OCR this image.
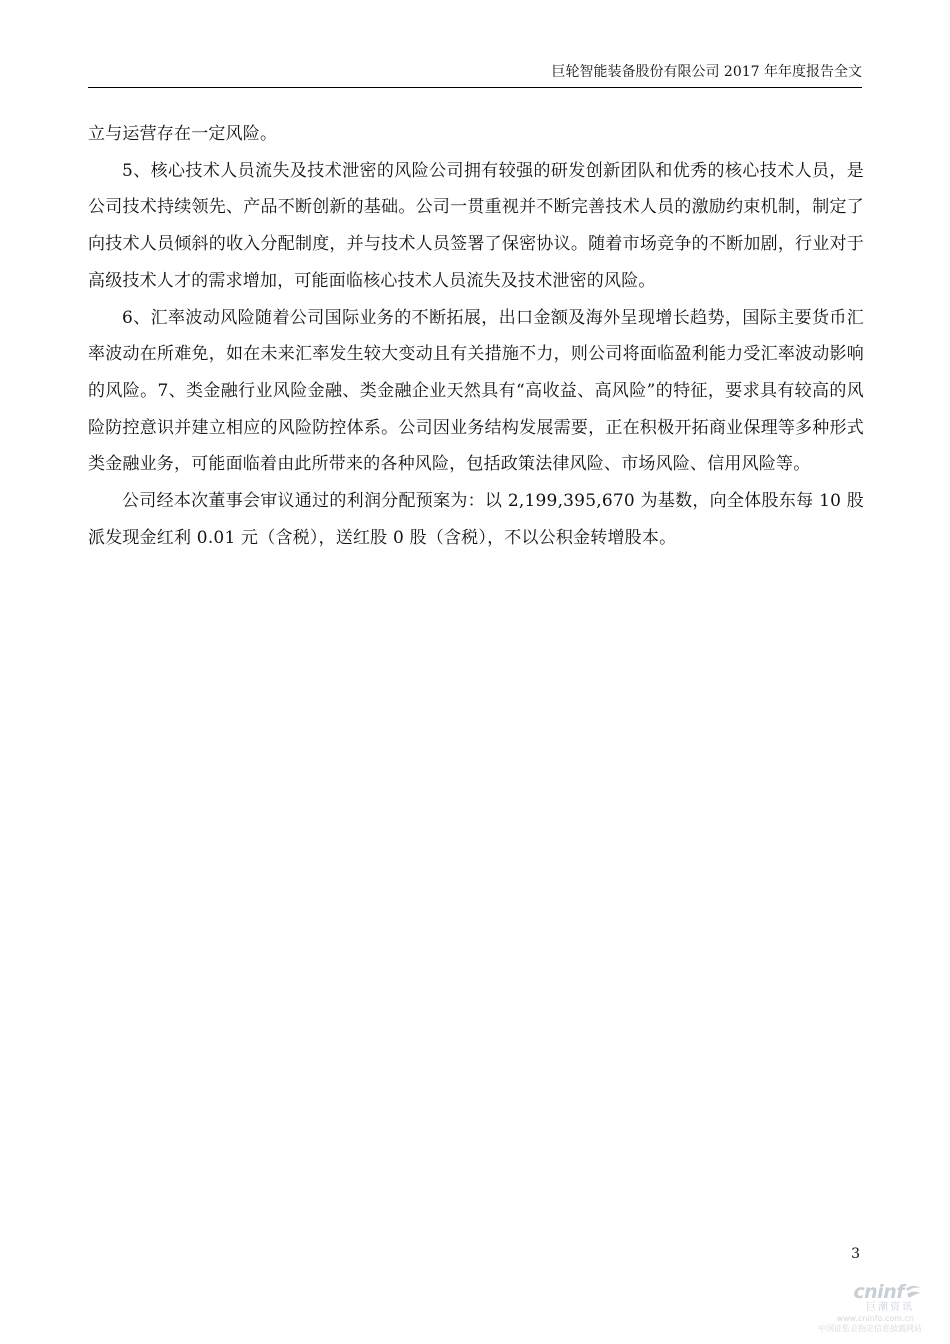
巨轮智能装备股份有限公司 2017 年年度报告全文

立与运营存在一定风险。

5、核心技术人员流失及技术泄密的风险公司拥有较强的研发创新团队和优秀的核心技术人员，是公司技术持续领先、产品不断创新的基础。公司一贯重视并不断完善技术人员的激励约束机制，制定了向技术人员倾斜的收入分配制度，并与技术人员签署了保密协议。随着市场竞争的不断加剧，行业对于高级技术人才的需求增加，可能面临核心技术人员流失及技术泄密的风险。

6、汇率波动风险随着公司国际业务的不断拓展，出口金额及海外呈现增长趋势，国际主要货币汇率波动在所难免，如在未来汇率发生较大变动且有关措施不力，则公司将面临盈利能力受汇率波动影响的风险。7、类金融行业风险金融、类金融企业天然具有“高收益、高风险”的特征，要求具有较高的风险防控意识并建立相应的风险防控体系。公司因业务结构发展需要，正在积极开拓商业保理等多种形式类金融业务，可能面临着由此所带来的各种风险，包括政策法律风险、市场风险、信用风险等。

公司经本次董事会审议通过的利润分配预案为：以 2,199,395,670 为基数，向全体股东每 10 股派发现金红利 0.01 元（含税），送红股 0 股（含税），不以公积金转增股本。

3
cninf
巨潮资讯
www.cninfo.com.cn
中国证监会指定信息披露网站
